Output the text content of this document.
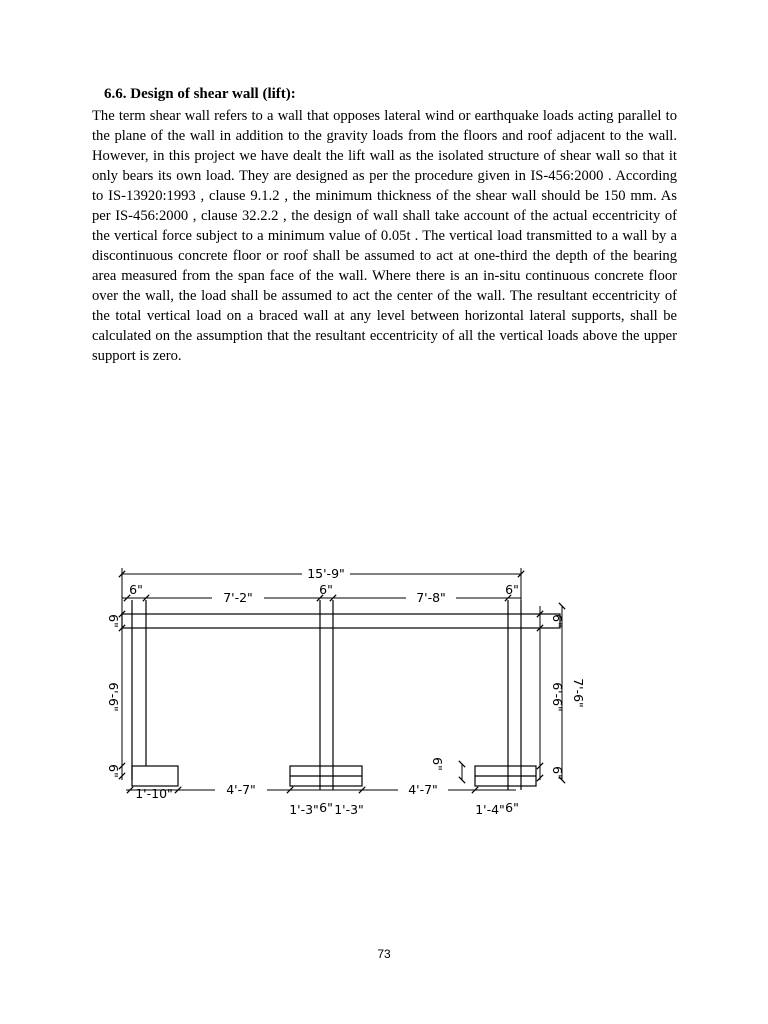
6.6. Design of shear wall (lift):

The term shear wall refers to a wall that opposes lateral wind or earthquake loads acting parallel to the plane of the wall in addition to the gravity loads from the floors and roof adjacent to the wall. However, in this project we have dealt the lift wall as the isolated structure of shear wall so that it only bears its own load. They are designed as per the procedure given in IS-456:2000 . According to IS-13920:1993 , clause 9.1.2 , the minimum thickness of the shear wall should be 150 mm. As per IS-456:2000 , clause 32.2.2 , the design of wall shall take account of the actual eccentricity of the vertical force subject to a minimum value of 0.05t . The vertical load transmitted to a wall by a discontinuous concrete floor or roof shall be assumed to act at one-third the depth of the bearing area measured from the span face of the wall. Where there is an in-situ continuous concrete floor over the wall, the load shall be assumed to act the center of the wall. The resultant eccentricity of the total vertical load on a braced wall at any level between horizontal lateral supports, shall be calculated on the assumption that the resultant eccentricity of all the vertical loads above the upper support is zero.

15'-9"
6"
7'-2"
6"
7'-8"
6"
1'-10"	4'-7"	4'-7"
1'-3" 6" 1'-3"	1'-4" 6"
6"
6'-6"
6"
6"
6'-6" 7'-6"
6"
6"
73
